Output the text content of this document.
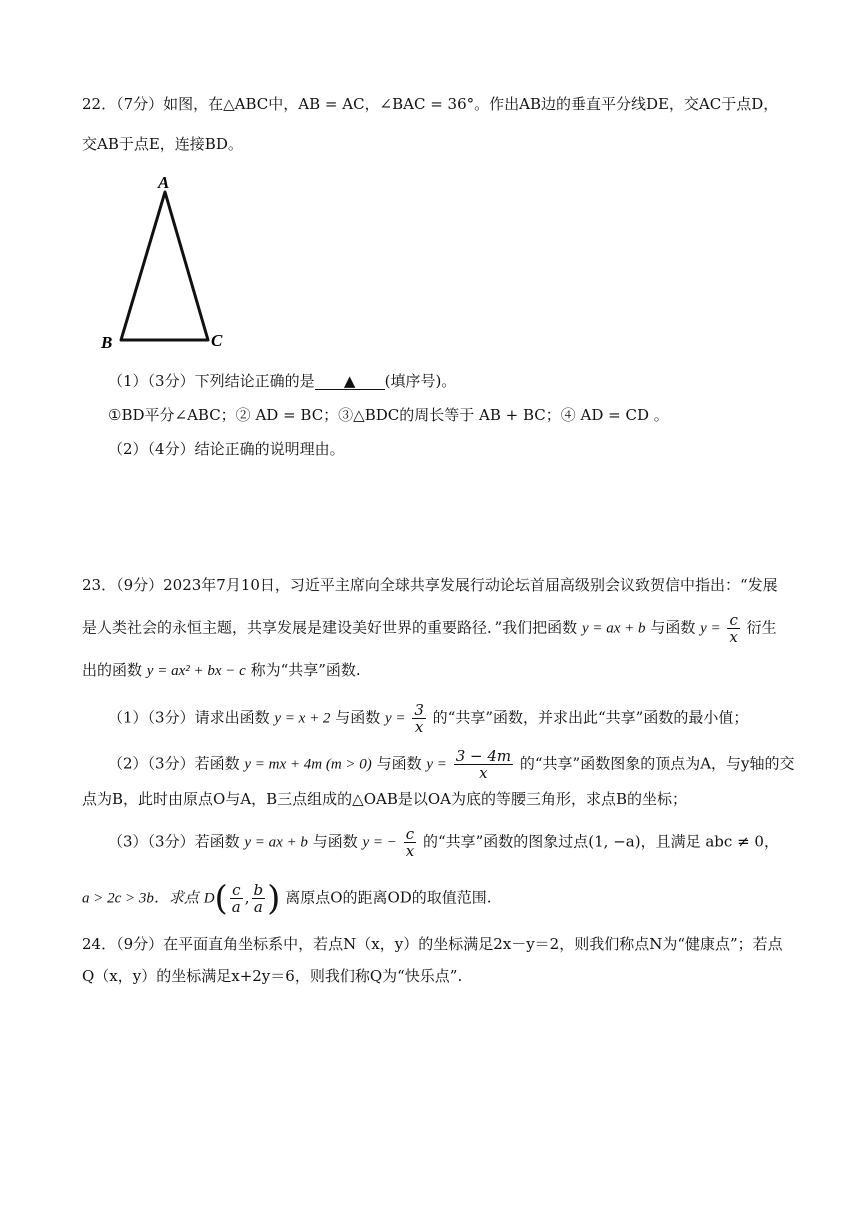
22．（7分）如图，在△ABC中，AB = AC，∠BAC = 36°。作出AB边的垂直平分线DE，交AC于点D，
交AB于点E，连接BD。
A
B	C
（1）（3分）下列结论正确的是 ▲ (填序号)。
①BD平分∠ABC；② AD = BC；③△BDC的周长等于 AB + BC；④ AD = CD 。
（2）（4分）结论正确的说明理由。
23．（9分）2023年7月10日，习近平主席向全球共享发展行动论坛首届高级别会议致贺信中指出：“发展
是人类社会的永恒主题，共享发展是建设美好世界的重要路径．”我们把函数 y = ax + b 与函数 $y = \frac{c}{x}$ 衍生
出的函数 y = ax² + bx − c 称为“共享”函数.
（1）（3分）请求出函数 y = x + 2 与函数 $y = \frac{3}{x}$ 的“共享”函数，并求出此“共享”函数的最小值；
（2）（3分）若函数 y = mx + 4m (m > 0) 与函数 $y = \frac{3 - 4m}{x}$ 的“共享”函数图象的顶点为A，与y轴的交
点为B，此时由原点O与A，B三点组成的△OAB是以OA为底的等腰三角形，求点B的坐标；
（3）（3分）若函数 y = ax + b 与函数 y = − $\frac{c}{x}$ 的“共享”函数的图象过点(1, −a)，且满足 abc ≠ 0，
a > 2c > 3b．求点 $D( \frac{c}{a}$ , $\frac{b}{a}$ ) 离原点O的距离OD的取值范围.
24．（9分）在平面直角坐标系中，若点N（x，y）的坐标满足2x－y＝2，则我们称点N为“健康点”；若点
Q（x，y）的坐标满足x+2y＝6，则我们称Q为“快乐点”.
